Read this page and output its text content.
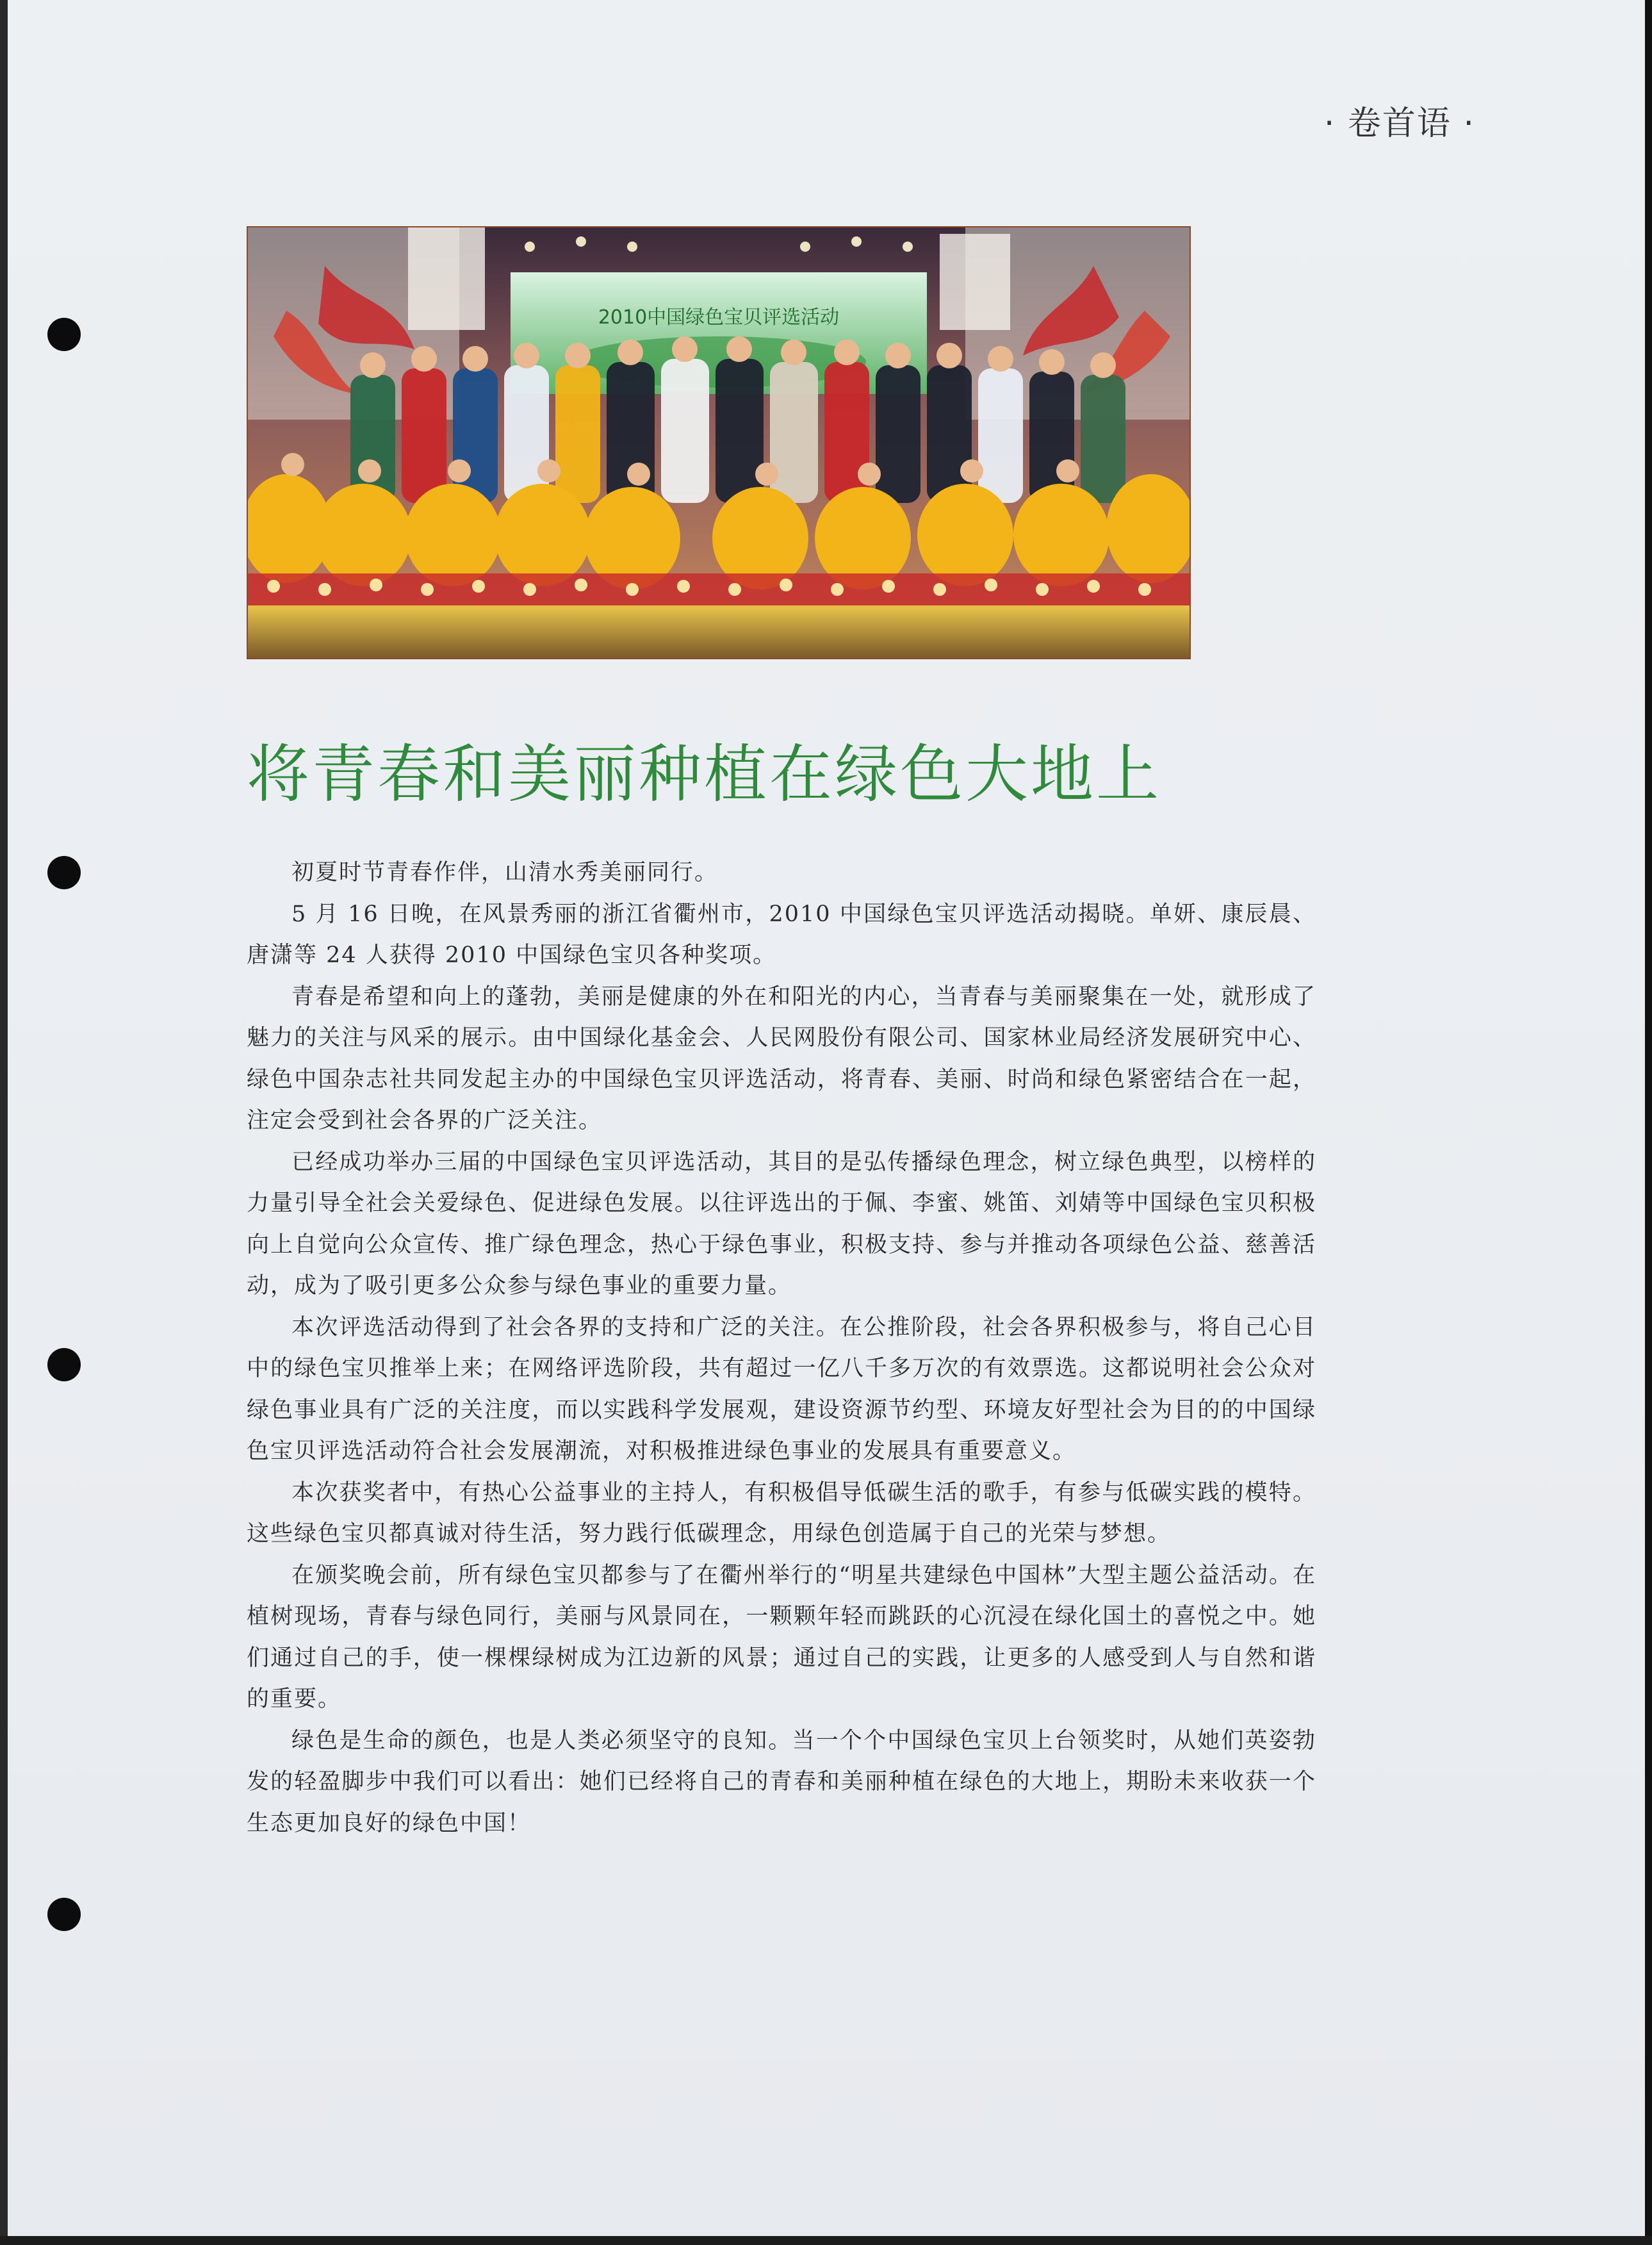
· 卷首语 ·
2010中国绿色宝贝评选活动
将青春和美丽种植在绿色大地上

初夏时节青春作伴，山清水秀美丽同行。

5 月 16 日晚，在风景秀丽的浙江省衢州市，2010 中国绿色宝贝评选活动揭晓。单妍、康辰晨、唐潇等 24 人获得 2010 中国绿色宝贝各种奖项。

青春是希望和向上的蓬勃，美丽是健康的外在和阳光的内心，当青春与美丽聚集在一处，就形成了魅力的关注与风采的展示。由中国绿化基金会、人民网股份有限公司、国家林业局经济发展研究中心、绿色中国杂志社共同发起主办的中国绿色宝贝评选活动，将青春、美丽、时尚和绿色紧密结合在一起，注定会受到社会各界的广泛关注。

已经成功举办三届的中国绿色宝贝评选活动，其目的是弘传播绿色理念，树立绿色典型，以榜样的力量引导全社会关爱绿色、促进绿色发展。以往评选出的于佩、李蜜、姚笛、刘婧等中国绿色宝贝积极向上自觉向公众宣传、推广绿色理念，热心于绿色事业，积极支持、参与并推动各项绿色公益、慈善活动，成为了吸引更多公众参与绿色事业的重要力量。

本次评选活动得到了社会各界的支持和广泛的关注。在公推阶段，社会各界积极参与，将自己心目中的绿色宝贝推举上来；在网络评选阶段，共有超过一亿八千多万次的有效票选。这都说明社会公众对绿色事业具有广泛的关注度，而以实践科学发展观，建设资源节约型、环境友好型社会为目的的中国绿色宝贝评选活动符合社会发展潮流，对积极推进绿色事业的发展具有重要意义。

本次获奖者中，有热心公益事业的主持人，有积极倡导低碳生活的歌手，有参与低碳实践的模特。这些绿色宝贝都真诚对待生活，努力践行低碳理念，用绿色创造属于自己的光荣与梦想。

在颁奖晚会前，所有绿色宝贝都参与了在衢州举行的“明星共建绿色中国林”大型主题公益活动。在植树现场，青春与绿色同行，美丽与风景同在，一颗颗年轻而跳跃的心沉浸在绿化国土的喜悦之中。她们通过自己的手，使一棵棵绿树成为江边新的风景；通过自己的实践，让更多的人感受到人与自然和谐的重要。

绿色是生命的颜色，也是人类必须坚守的良知。当一个个中国绿色宝贝上台领奖时，从她们英姿勃发的轻盈脚步中我们可以看出：她们已经将自己的青春和美丽种植在绿色的大地上，期盼未来收获一个生态更加良好的绿色中国！
